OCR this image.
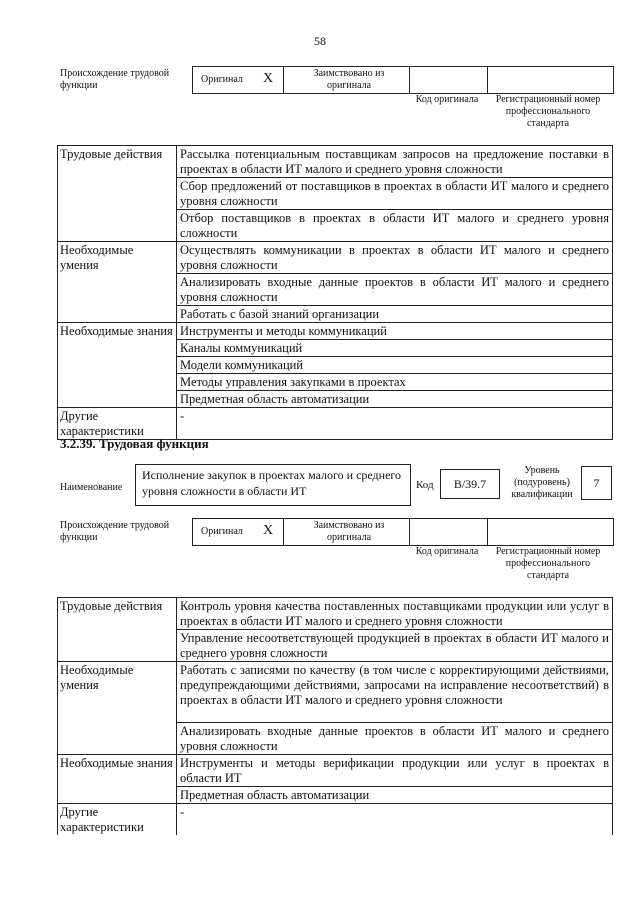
58
Происхождение трудовой функции
Оригинал X	Заимствовано из оригинала
Код оригинала	Регистрационный номер профессионального стандарта
Трудовые действия	Рассылка потенциальным поставщикам запросов на предложение поставки в проектах в области ИТ малого и среднего уровня сложности
	Сбор предложений от поставщиков в проектах в области ИТ малого и среднего уровня сложности
	Отбор поставщиков в проектах в области ИТ малого и среднего уровня сложности
Необходимые умения	Осуществлять коммуникации в проектах в области ИТ малого и среднего уровня сложности
	Анализировать входные данные проектов в области ИТ малого и среднего уровня сложности
	Работать с базой знаний организации
Необходимые знания	Инструменты и методы коммуникаций
	Каналы коммуникаций
	Модели коммуникаций
	Методы управления закупками в проектах
	Предметная область автоматизации
Другие характеристики	-
3.2.39. Трудовая функция
Наименование
Исполнение закупок в проектах малого и среднего уровня сложности в области ИТ	Код	B/39.7
Уровень (подуровень) квалификации
7
Происхождение трудовой функции
Оригинал X	Заимствовано из оригинала
Код оригинала	Регистрационный номер профессионального стандарта
Трудовые действия	Контроль уровня качества поставленных поставщиками продукции или услуг в проектах в области ИТ малого и среднего уровня сложности
	Управление несоответствующей продукцией в проектах в области ИТ малого и среднего уровня сложности
Необходимые умения	Работать с записями по качеству (в том числе с корректирующими действиями, предупреждающими действиями, запросами на исправление несоответствий) в проектах в области ИТ малого и среднего уровня сложности
	Анализировать входные данные проектов в области ИТ малого и среднего уровня сложности
Необходимые знания	Инструменты и методы верификации продукции или услуг в проектах в области ИТ
	Предметная область автоматизации
Другие характеристики	-
